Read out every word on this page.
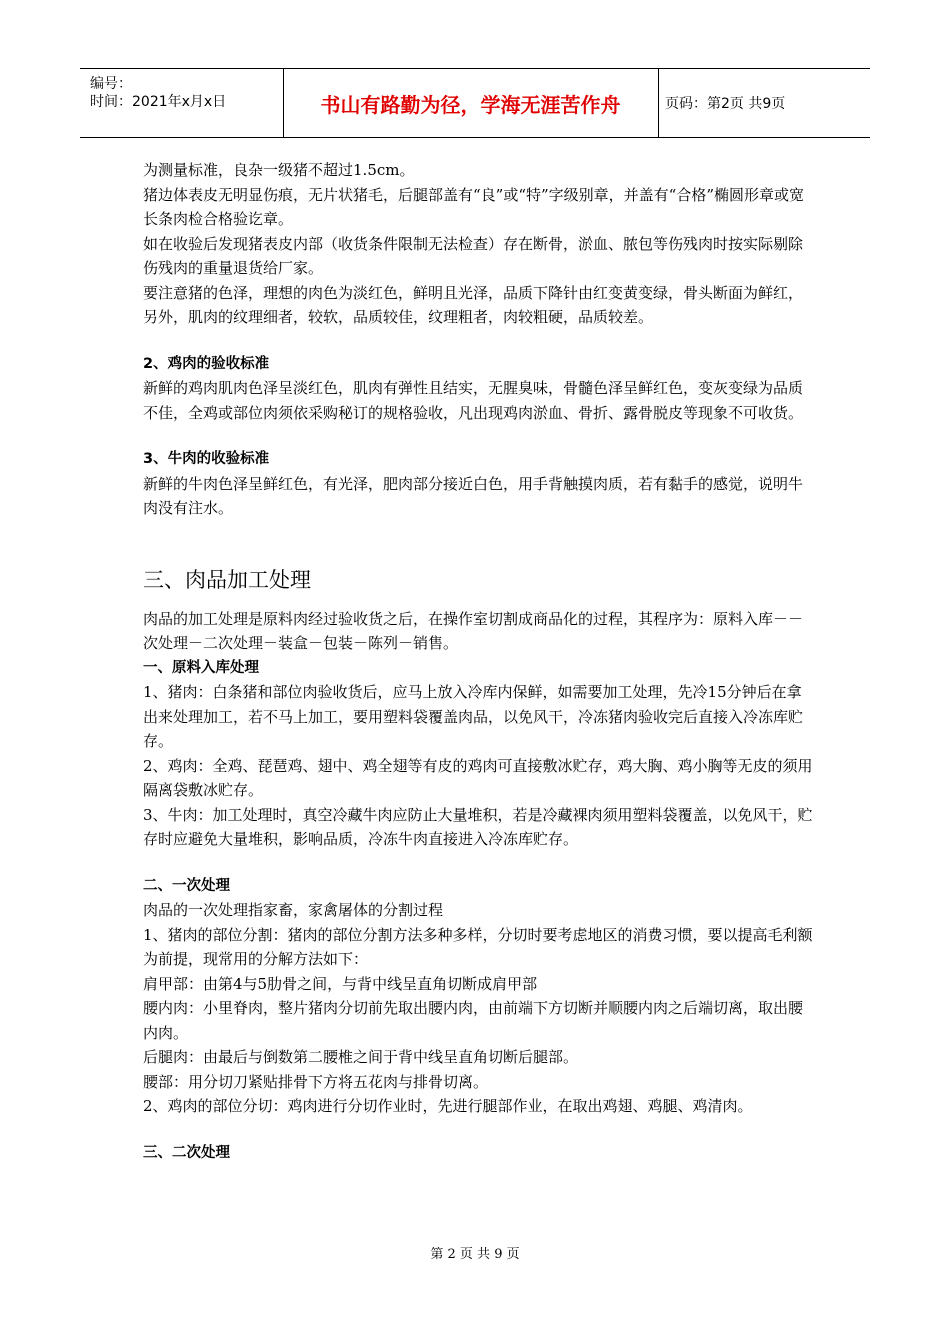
编号：
时间：2021年x月x日	书山有路勤为径，学海无涯苦作舟	页码：第2页 共9页

为测量标准，良杂一级猪不超过1.5cm。

猪边体表皮无明显伤痕，无片状猪毛，后腿部盖有“良”或“特”字级别章，并盖有“合格”椭圆形章或宽长条肉检合格验讫章。

如在收验后发现猪表皮内部（收货条件限制无法检查）存在断骨，淤血、脓包等伤残肉时按实际剔除伤残肉的重量退货给厂家。

要注意猪的色泽，理想的肉色为淡红色，鲜明且光泽，品质下降针由红变黄变绿，骨头断面为鲜红，另外，肌肉的纹理细者，较软，品质较佳，纹理粗者，肉较粗硬，品质较差。

2、鸡肉的验收标准

新鲜的鸡肉肌肉色泽呈淡红色，肌肉有弹性且结实，无腥臭味，骨髓色泽呈鲜红色，变灰变绿为品质不佳，全鸡或部位肉须依采购秘订的规格验收，凡出现鸡肉淤血、骨折、露骨脱皮等现象不可收货。

3、牛肉的收验标准

新鲜的牛肉色泽呈鲜红色，有光泽，肥肉部分接近白色，用手背触摸肉质，若有黏手的感觉，说明牛肉没有注水。

三、肉品加工处理

肉品的加工处理是原料肉经过验收货之后，在操作室切割成商品化的过程，其程序为：原料入库－－次处理－二次处理－装盒－包装－陈列－销售。

一、原料入库处理

1、猪肉：白条猪和部位肉验收货后，应马上放入冷库内保鲜，如需要加工处理，先冷15分钟后在拿出来处理加工，若不马上加工，要用塑料袋覆盖肉品，以免风干，冷冻猪肉验收完后直接入冷冻库贮存。

2、鸡肉：全鸡、琵琶鸡、翅中、鸡全翅等有皮的鸡肉可直接敷冰贮存，鸡大胸、鸡小胸等无皮的须用隔离袋敷冰贮存。

3、牛肉：加工处理时，真空冷藏牛肉应防止大量堆积，若是冷藏裸肉须用塑料袋覆盖，以免风干，贮存时应避免大量堆积，影响品质，冷冻牛肉直接进入冷冻库贮存。

二、一次处理

肉品的一次处理指家畜，家禽屠体的分割过程

1、猪肉的部位分割：猪肉的部位分割方法多种多样，分切时要考虑地区的消费习惯，要以提高毛利额为前提，现常用的分解方法如下：

肩甲部：由第4与5肋骨之间，与背中线呈直角切断成肩甲部

腰内肉：小里脊肉，整片猪肉分切前先取出腰内肉，由前端下方切断并顺腰内肉之后端切离，取出腰内肉。

后腿肉：由最后与倒数第二腰椎之间于背中线呈直角切断后腿部。

腰部：用分切刀紧贴排骨下方将五花肉与排骨切离。

2、鸡肉的部位分切：鸡肉进行分切作业时，先进行腿部作业，在取出鸡翅、鸡腿、鸡清肉。

三、二次处理

第 2 页 共 9 页
